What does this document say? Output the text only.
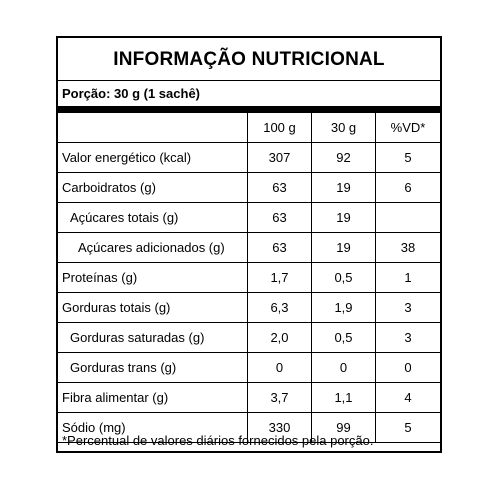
INFORMAÇÃO NUTRICIONAL
Porção: 30 g (1 sachê)
	100 g	30 g	%VD*
Valor energético (kcal)	307	92	5
Carboidratos (g)	63	19	6
Açúcares totais (g)	63	19	
Açúcares adicionados (g)	63	19	38
Proteínas (g)	1,7	0,5	1
Gorduras totais (g)	6,3	1,9	3
Gorduras saturadas (g)	2,0	0,5	3
Gorduras trans (g)	0	0	0
Fibra alimentar (g)	3,7	1,1	4
Sódio (mg)	330	99	5
*Percentual de valores diários fornecidos pela porção.
